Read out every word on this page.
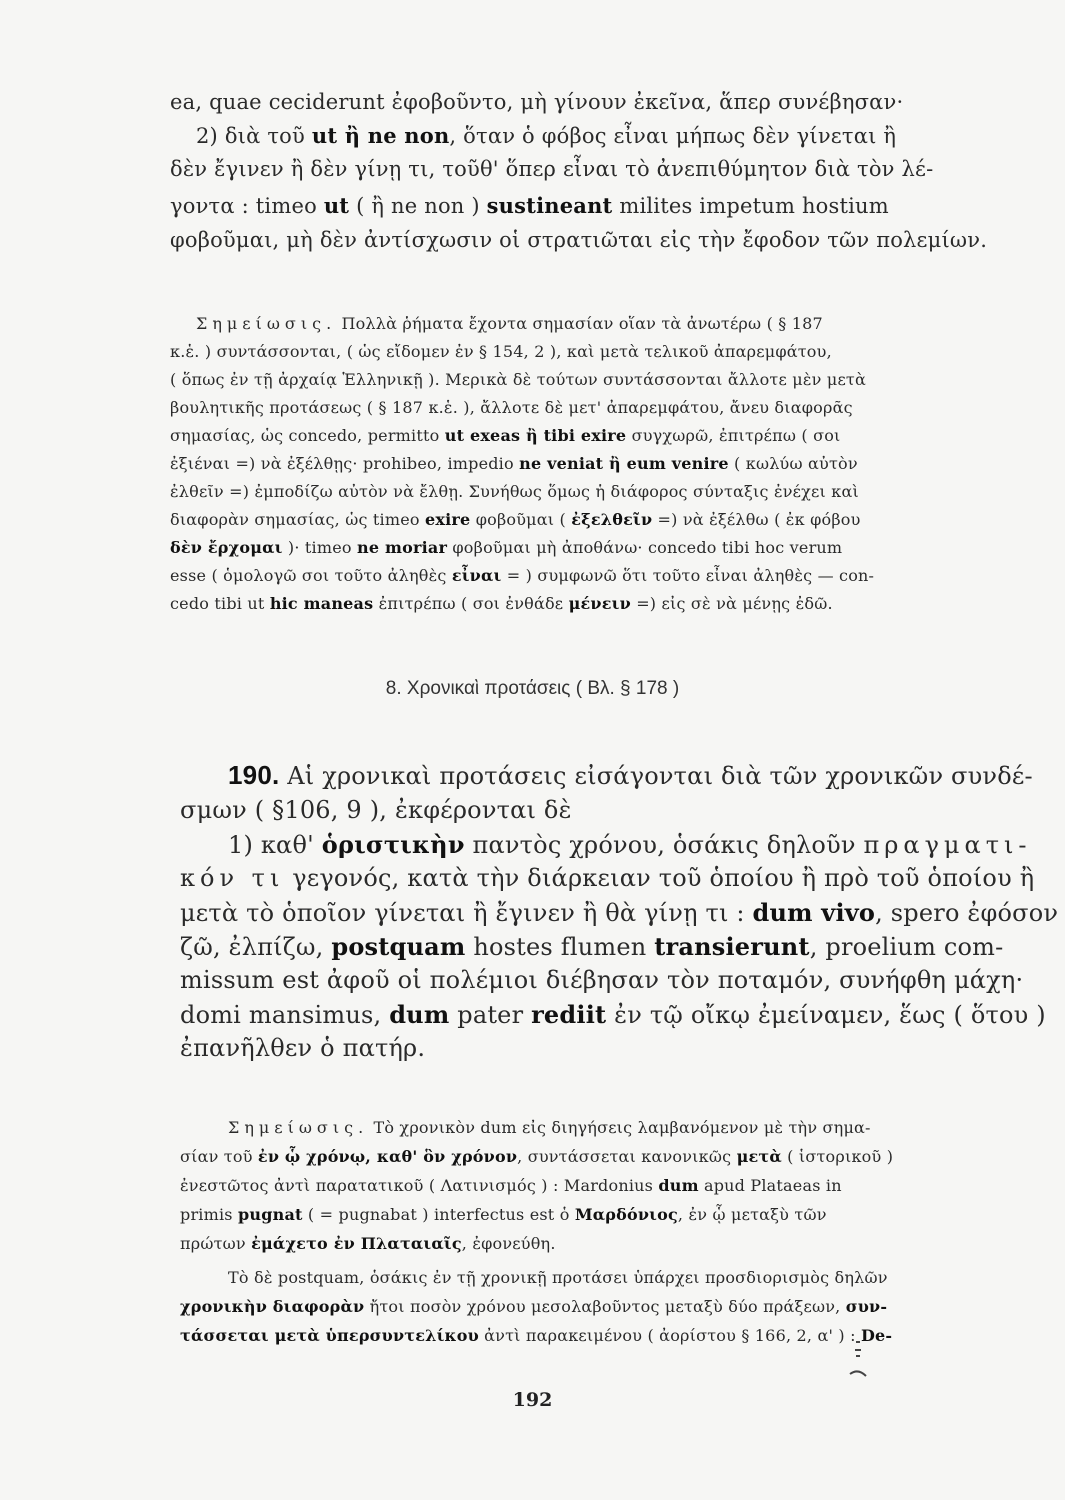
ea, quae ceciderunt ἐφοβοῦντο, μὴ γίνουν ἐκεῖνα, ἅπερ συνέβησαν·
2) διὰ τοῦ ut ἢ ne non, ὅταν ὁ φόβος εἶναι μήπως δὲν γίνεται ἢ
δὲν ἔγινεν ἢ δὲν γίνῃ τι, τοῦθ' ὅπερ εἶναι τὸ ἀνεπιθύμητον διὰ τὸν λέ-
γοντα : timeo ut ( ἢ ne non ) sustineant milites impetum hostium
φοβοῦμαι, μὴ δὲν ἀντίσχωσιν οἱ στρατιῶται εἰς τὴν ἔφοδον τῶν πολεμίων.
Σημείωσις. Πολλὰ ῥήματα ἔχοντα σημασίαν οἵαν τὰ ἀνωτέρω ( § 187
κ.ἑ. ) συντάσσονται, ( ὡς εἴδομεν ἐν § 154, 2 ), καὶ μετὰ τελικοῦ ἀπαρεμφάτου,
( ὅπως ἐν τῇ ἀρχαίᾳ Ἑλληνικῇ ). Μερικὰ δὲ τούτων συντάσσονται ἄλλοτε μὲν μετὰ
βουλητικῆς προτάσεως ( § 187 κ.ἑ. ), ἄλλοτε δὲ μετ' ἀπαρεμφάτου, ἄνευ διαφορᾶς
σημασίας, ὡς concedo, permitto ut exeas ἢ tibi exire συγχωρῶ, ἐπιτρέπω ( σοι
ἐξιέναι =) νὰ ἐξέλθῃς· prohibeo, impedio ne veniat ἢ eum venire ( κωλύω αὐτὸν
ἐλθεῖν =) ἐμποδίζω αὐτὸν νὰ ἔλθῃ. Συνήθως ὅμως ἡ διάφορος σύνταξις ἐνέχει καὶ
διαφορὰν σημασίας, ὡς timeo exire φοβοῦμαι ( ἐξελθεῖν =) νὰ ἐξέλθω ( ἐκ φόβου
δὲν ἔρχομαι )· timeo ne moriar φοβοῦμαι μὴ ἀποθάνω· concedo tibi hoc verum
esse ( ὁμολογῶ σοι τοῦτο ἀληθὲς εἶναι = ) συμφωνῶ ὅτι τοῦτο εἶναι ἀληθὲς — con-
cedo tibi ut hic maneas ἐπιτρέπω ( σοι ἐνθάδε μένειν =) εἰς σὲ νὰ μένῃς ἐδῶ.
8. Χρονικαὶ προτάσεις ( Βλ. § 178 )
190. Αἱ χρονικαὶ προτάσεις εἰσάγονται διὰ τῶν χρονικῶν συνδέ-
σμων ( §106, 9 ), ἐκφέρονται δὲ
1) καθ' ὁριστικὴν παντὸς χρόνου, ὁσάκις δηλοῦν πραγματι-
κόν τι γεγονός, κατὰ τὴν διάρκειαν τοῦ ὁποίου ἢ πρὸ τοῦ ὁποίου ἢ
μετὰ τὸ ὁποῖον γίνεται ἢ ἔγινεν ἢ θὰ γίνῃ τι : dum vivo, spero ἐφόσον
ζῶ, ἐλπίζω, postquam hostes flumen transierunt, proelium com-
missum est ἀφοῦ οἱ πολέμιοι διέβησαν τὸν ποταμόν, συνήφθη μάχη·
domi mansimus, dum pater rediit ἐν τῷ οἴκῳ ἐμείναμεν, ἕως ( ὅτου )
ἐπανῆλθεν ὁ πατήρ.
Σημείωσις. Τὸ χρονικὸν dum εἰς διηγήσεις λαμβανόμενον μὲ τὴν σημα-
σίαν τοῦ ἐν ᾧ χρόνῳ, καθ' ὃν χρόνον, συντάσσεται κανονικῶς μετὰ ( ἱστορικοῦ )
ἐνεστῶτος ἀντὶ παρατατικοῦ ( Λατινισμός ) : Mardonius dum apud Plataeas in
primis pugnat ( = pugnabat ) interfectus est ὁ Μαρδόνιος, ἐν ᾧ μεταξὺ τῶν
πρώτων ἐμάχετο ἐν Πλαταιαῖς, ἐφονεύθη.
Τὸ δὲ postquam, ὁσάκις ἐν τῇ χρονικῇ προτάσει ὑπάρχει προσδιορισμὸς δηλῶν
χρονικὴν διαφορὰν ἤτοι ποσὸν χρόνου μεσολαβοῦντος μεταξὺ δύο πράξεων, συν-
τάσσεται μετὰ ὑπερσυντελίκου ἀντὶ παρακειμένου ( ἀορίστου § 166, 2, α' ) : De-
192
